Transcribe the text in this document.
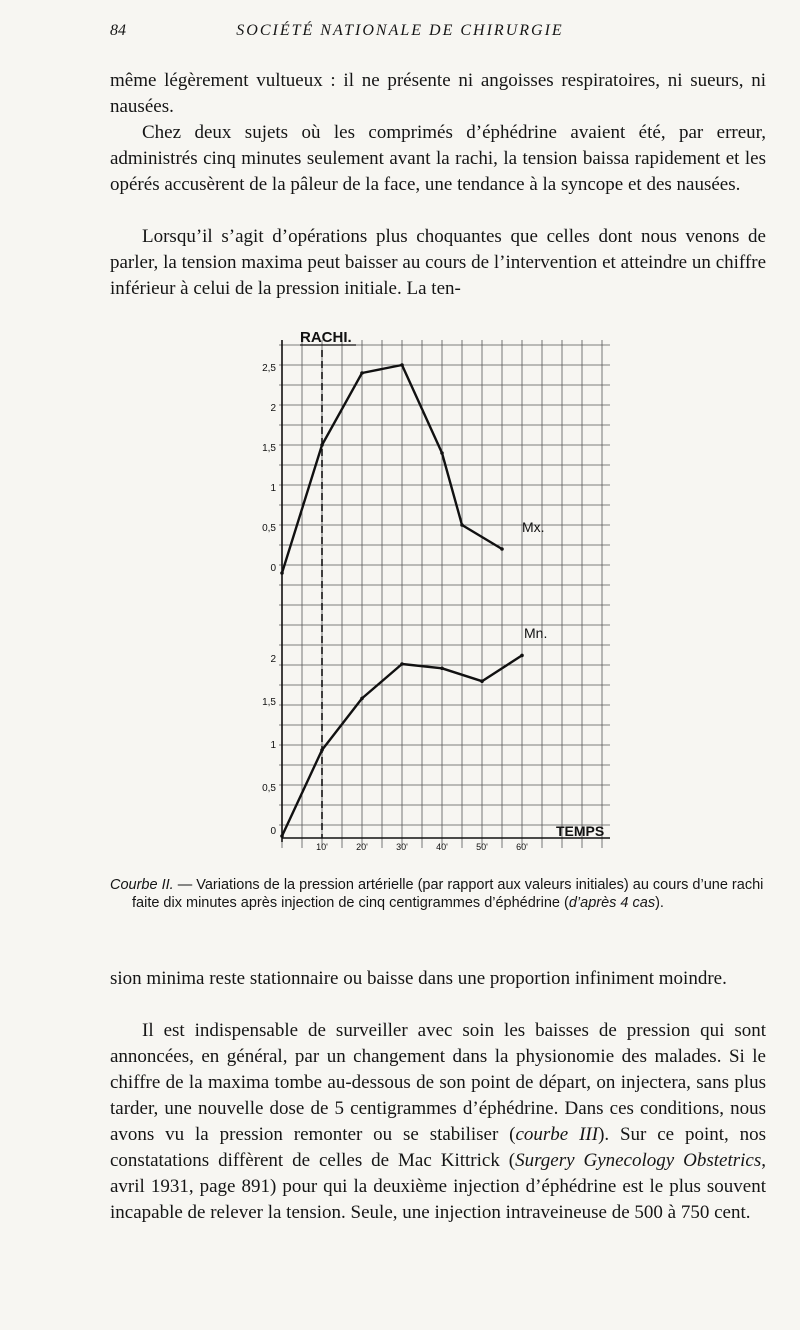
84	SOCIÉTÉ NATIONALE DE CHIRURGIE

même légèrement vultueux : il ne présente ni angoisses respiratoires, ni sueurs, ni nausées.

Chez deux sujets où les comprimés d’éphédrine avaient été, par erreur, administrés cinq minutes seulement avant la rachi, la tension baissa rapidement et les opérés accusèrent de la pâleur de la face, une tendance à la syncope et des nausées.

Lorsqu’il s’agit d’opérations plus choquantes que celles dont nous venons de parler, la tension maxima peut baisser au cours de l’intervention et atteindre un chiffre inférieur à celui de la pression initiale. La ten-

RACHI.
0
0,5
1
1,5
2
2,5
Mx.
0
0,5
1
1,5
2
Mn.
10'	20'	30'	40'	50'	60'
TEMPS

Courbe II. — Variations de la pression artérielle (par rapport aux valeurs initiales) au cours d’une rachi faite dix minutes après injection de cinq centigrammes d’éphédrine (d’après 4 cas).

sion minima reste stationnaire ou baisse dans une proportion infiniment moindre.

Il est indispensable de surveiller avec soin les baisses de pression qui sont annoncées, en général, par un changement dans la physionomie des malades. Si le chiffre de la maxima tombe au-dessous de son point de départ, on injectera, sans plus tarder, une nouvelle dose de 5 centigrammes d’éphédrine. Dans ces conditions, nous avons vu la pression remonter ou se stabiliser (courbe III). Sur ce point, nos constatations diffèrent de celles de Mac Kittrick (Surgery Gynecology Obstetrics, avril 1931, page 891) pour qui la deuxième injection d’éphédrine est le plus souvent incapable de relever la tension. Seule, une injection intraveineuse de 500 à 750 cent.
